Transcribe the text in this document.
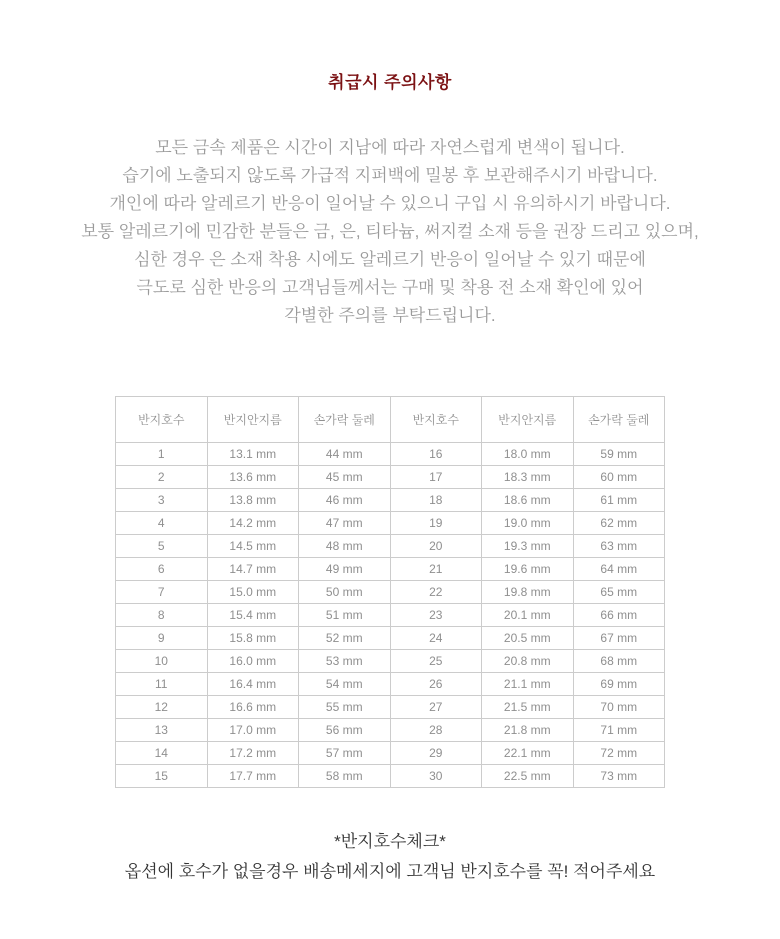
취급시 주의사항

모든 금속 제품은 시간이 지남에 따라 자연스럽게 변색이 됩니다.

습기에 노출되지 않도록 가급적 지퍼백에 밀봉 후 보관해주시기 바랍니다.

개인에 따라 알레르기 반응이 일어날 수 있으니 구입 시 유의하시기 바랍니다.

보통 알레르기에 민감한 분들은 금, 은, 티타늄, 써지컬 소재 등을 권장 드리고 있으며,

심한 경우 은 소재 착용 시에도 알레르기 반응이 일어날 수 있기 때문에

극도로 심한 반응의 고객님들께서는 구매 및 착용 전 소재 확인에 있어

각별한 주의를 부탁드립니다.

반지호수	반지안지름	손가락 둘레	반지호수	반지안지름	손가락 둘레
1	13.1 mm	44 mm	16	18.0 mm	59 mm
2	13.6 mm	45 mm	17	18.3 mm	60 mm
3	13.8 mm	46 mm	18	18.6 mm	61 mm
4	14.2 mm	47 mm	19	19.0 mm	62 mm
5	14.5 mm	48 mm	20	19.3 mm	63 mm
6	14.7 mm	49 mm	21	19.6 mm	64 mm
7	15.0 mm	50 mm	22	19.8 mm	65 mm
8	15.4 mm	51 mm	23	20.1 mm	66 mm
9	15.8 mm	52 mm	24	20.5 mm	67 mm
10	16.0 mm	53 mm	25	20.8 mm	68 mm
11	16.4 mm	54 mm	26	21.1 mm	69 mm
12	16.6 mm	55 mm	27	21.5 mm	70 mm
13	17.0 mm	56 mm	28	21.8 mm	71 mm
14	17.2 mm	57 mm	29	22.1 mm	72 mm
15	17.7 mm	58 mm	30	22.5 mm	73 mm

*반지호수체크*

옵션에 호수가 없을경우 배송메세지에 고객님 반지호수를 꼭! 적어주세요
